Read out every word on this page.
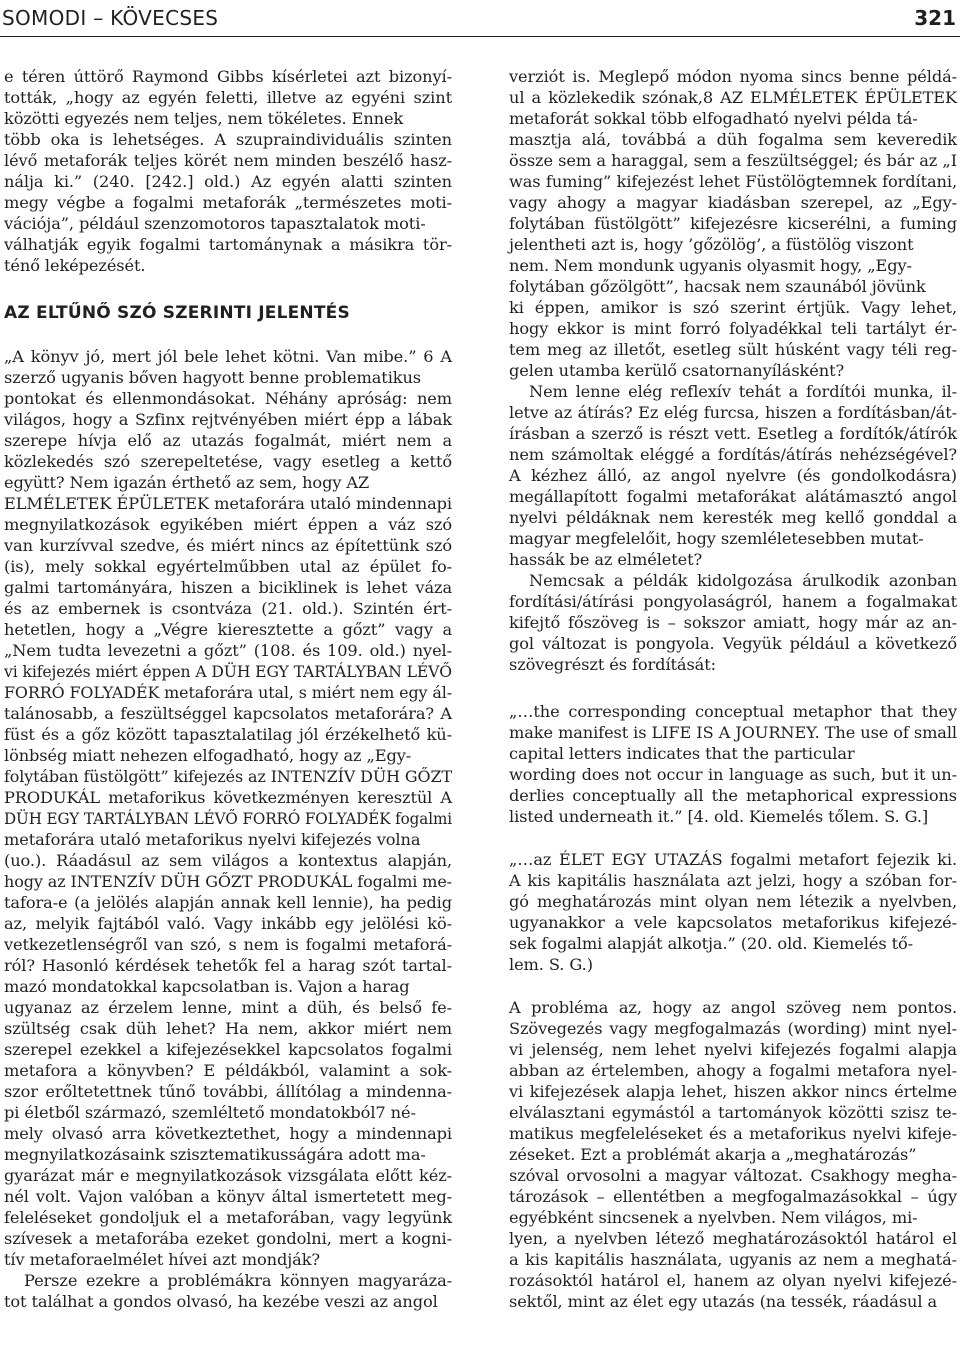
SOMODI – KÖVECSES	321
e téren úttörő Raymond Gibbs kísérletei azt bizonyí-
tották, „hogy az egyén feletti, illetve az egyéni szint
közötti egyezés nem teljes, nem tökéletes. Ennek
több oka is lehetséges. A szupraindividuális szinten
lévő metaforák teljes körét nem minden beszélő hasz-
nálja ki.” (240. [242.] old.) Az egyén alatti szinten
megy végbe a fogalmi metaforák „természetes moti-
vációja”, például szenzomotoros tapasztalatok moti-
válhatják egyik fogalmi tartománynak a másikra tör-
ténő leképezését.
AZ ELTŰNŐ SZÓ SZERINTI JELENTÉS
„A könyv jó, mert jól bele lehet kötni. Van mibe.” 6 A
szerző ugyanis bőven hagyott benne problematikus
pontokat és ellenmondásokat. Néhány apróság: nem
világos, hogy a Szfinx rejtvényében miért épp a lábak
szerepe hívja elő az utazás fogalmát, miért nem a
közlekedés szó szerepeltetése, vagy esetleg a kettő
együtt? Nem igazán érthető az sem, hogy AZ
ELMÉLETEK ÉPÜLETEK metaforára utaló mindennapi
megnyilatkozások egyikében miért éppen a váz szó
van kurzívval szedve, és miért nincs az építettünk szó
(is), mely sokkal egyértelműbben utal az épület fo-
galmi tartományára, hiszen a biciklinek is lehet váza
és az embernek is csontváza (21. old.). Szintén ért-
hetetlen, hogy a „Végre kieresztette a gőzt” vagy a
„Nem tudta levezetni a gőzt” (108. és 109. old.) nyel-
vi kifejezés miért éppen A DÜH EGY TARTÁLYBAN LÉVŐ
FORRÓ FOLYADÉK metaforára utal, s miért nem egy ál-
talánosabb, a feszültséggel kapcsolatos metaforára? A
füst és a gőz között tapasztalatilag jól érzékelhető kü-
lönbség miatt nehezen elfogadható, hogy az „Egy-
folytában füstölgött” kifejezés az INTENZÍV DÜH GŐZT
PRODUKÁL metaforikus következményen keresztül A
DÜH EGY TARTÁLYBAN LÉVŐ FORRÓ FOLYADÉK fogalmi
metaforára utaló metaforikus nyelvi kifejezés volna
(uo.). Ráadásul az sem világos a kontextus alapján,
hogy az INTENZÍV DÜH GŐZT PRODUKÁL fogalmi me-
tafora-e (a jelölés alapján annak kell lennie), ha pedig
az, melyik fajtából való. Vagy inkább egy jelölési kö-
vetkezetlenségről van szó, s nem is fogalmi metaforá-
ról? Hasonló kérdések tehetők fel a harag szót tartal-
mazó mondatokkal kapcsolatban is. Vajon a harag
ugyanaz az érzelem lenne, mint a düh, és belső fe-
szültség csak düh lehet? Ha nem, akkor miért nem
szerepel ezekkel a kifejezésekkel kapcsolatos fogalmi
metafora a könyvben? E példákból, valamint a sok-
szor erőltetettnek tűnő további, állítólag a mindenna-
pi életből származó, szemléltető mondatokból7 né-
mely olvasó arra következtethet, hogy a mindennapi
megnyilatkozásaink szisztematikusságára adott ma-
gyarázat már e megnyilatkozások vizsgálata előtt kéz-
nél volt. Vajon valóban a könyv által ismertetett meg-
feleléseket gondoljuk el a metaforában, vagy legyünk
szívesek a metaforába ezeket gondolni, mert a kogni-
tív metaforaelmélet hívei azt mondják?
Persze ezekre a problémákra könnyen magyaráza-
tot találhat a gondos olvasó, ha kezébe veszi az angol
verziót is. Meglepő módon nyoma sincs benne példá-
ul a közlekedik szónak,8 AZ ELMÉLETEK ÉPÜLETEK
metaforát sokkal több elfogadható nyelvi példa tá-
masztja alá, továbbá a düh fogalma sem keveredik
össze sem a haraggal, sem a feszültséggel; és bár az „I
was fuming” kifejezést lehet Füstölögtemnek fordítani,
vagy ahogy a magyar kiadásban szerepel, az „Egy-
folytában füstölgött” kifejezésre kicserélni, a fuming
jelentheti azt is, hogy ’gőzölög’, a füstölög viszont
nem. Nem mondunk ugyanis olyasmit hogy, „Egy-
folytában gőzölgött”, hacsak nem szaunából jövünk
ki éppen, amikor is szó szerint értjük. Vagy lehet,
hogy ekkor is mint forró folyadékkal teli tartályt ér-
tem meg az illetőt, esetleg sült húsként vagy téli reg-
gelen utamba kerülő csatornanyílásként?
Nem lenne elég reflexív tehát a fordítói munka, il-
letve az átírás? Ez elég furcsa, hiszen a fordításban/át-
írásban a szerző is részt vett. Esetleg a fordítók/átírók
nem számoltak eléggé a fordítás/átírás nehézségével?
A kézhez álló, az angol nyelvre (és gondolkodásra)
megállapított fogalmi metaforákat alátámasztó angol
nyelvi példáknak nem keresték meg kellő gonddal a
magyar megfelelőit, hogy szemléletesebben mutat-
hassák be az elméletet?
Nemcsak a példák kidolgozása árulkodik azonban
fordítási/átírási pongyolaságról, hanem a fogalmakat
kifejtő főszöveg is – sokszor amiatt, hogy már az an-
gol változat is pongyola. Vegyük például a következő
szövegrészt és fordítását:
„…the corresponding conceptual metaphor that they
make manifest is LIFE IS A JOURNEY. The use of small
capital letters indicates that the particular
wording does not occur in language as such, but it un-
derlies conceptually all the metaphorical expressions
listed underneath it.” [4. old. Kiemelés tőlem. S. G.]
„…az ÉLET EGY UTAZÁS fogalmi metafort fejezik ki.
A kis kapitális használata azt jelzi, hogy a szóban for-
gó meghatározás mint olyan nem létezik a nyelvben,
ugyanakkor a vele kapcsolatos metaforikus kifejezé-
sek fogalmi alapját alkotja.” (20. old. Kiemelés tő-
lem. S. G.)
A probléma az, hogy az angol szöveg nem pontos.
Szövegezés vagy megfogalmazás (wording) mint nyel-
vi jelenség, nem lehet nyelvi kifejezés fogalmi alapja
abban az értelemben, ahogy a fogalmi metafora nyel-
vi kifejezések alapja lehet, hiszen akkor nincs értelme
elválasztani egymástól a tartományok közötti szisz te-
matikus megfeleléseket és a metaforikus nyelvi kifeje-
zéseket. Ezt a problémát akarja a „meghatározás”
szóval orvosolni a magyar változat. Csakhogy megha-
tározások – ellentétben a megfogalmazásokkal – úgy
egyébként sincsenek a nyelvben. Nem világos, mi-
lyen, a nyelvben létező meghatározásoktól határol el
a kis kapitális használata, ugyanis az nem a meghatá-
rozásoktól határol el, hanem az olyan nyelvi kifejezé-
sektől, mint az élet egy utazás (na tessék, ráadásul a
